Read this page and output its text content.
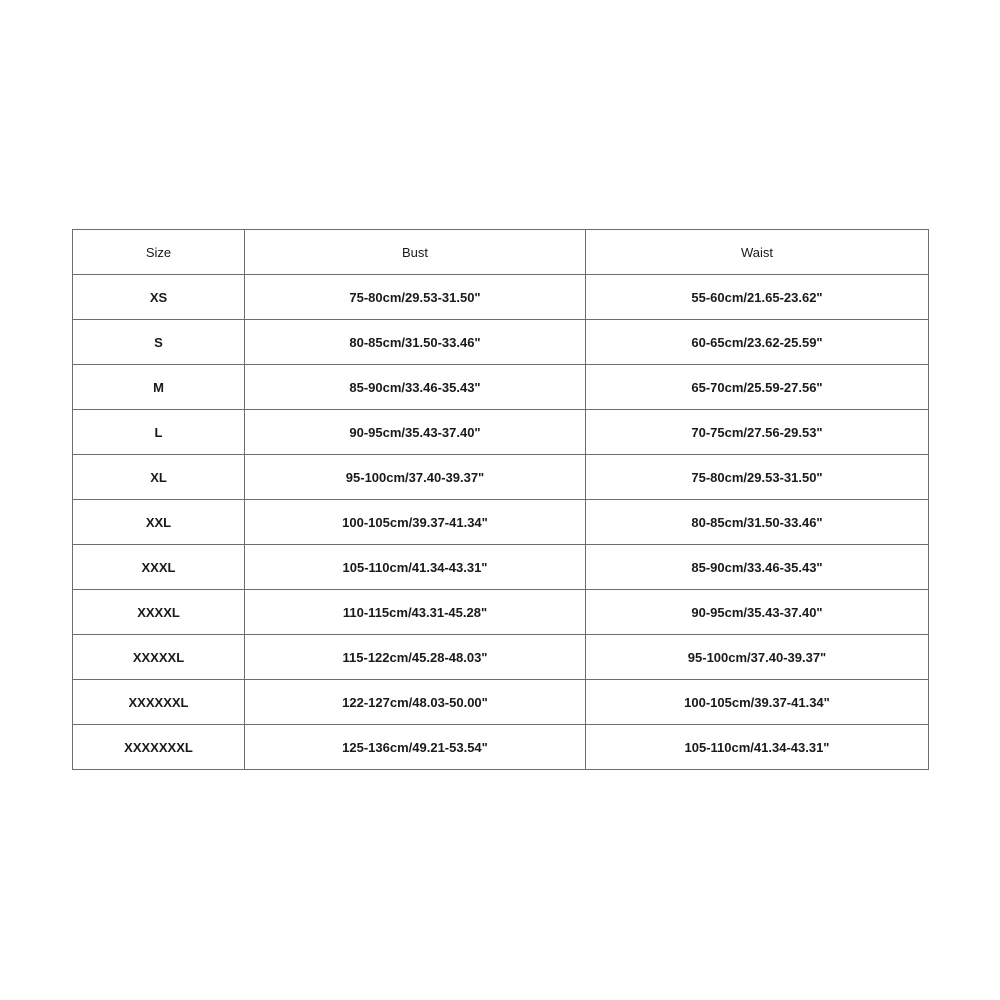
Size	Bust	Waist
XS	75-80cm/29.53-31.50"	55-60cm/21.65-23.62"
S	80-85cm/31.50-33.46"	60-65cm/23.62-25.59"
M	85-90cm/33.46-35.43"	65-70cm/25.59-27.56"
L	90-95cm/35.43-37.40"	70-75cm/27.56-29.53"
XL	95-100cm/37.40-39.37"	75-80cm/29.53-31.50"
XXL	100-105cm/39.37-41.34"	80-85cm/31.50-33.46"
XXXL	105-110cm/41.34-43.31"	85-90cm/33.46-35.43"
XXXXL	110-115cm/43.31-45.28"	90-95cm/35.43-37.40"
XXXXXL	115-122cm/45.28-48.03"	95-100cm/37.40-39.37"
XXXXXXL	122-127cm/48.03-50.00"	100-105cm/39.37-41.34"
XXXXXXXL	125-136cm/49.21-53.54"	105-110cm/41.34-43.31"
